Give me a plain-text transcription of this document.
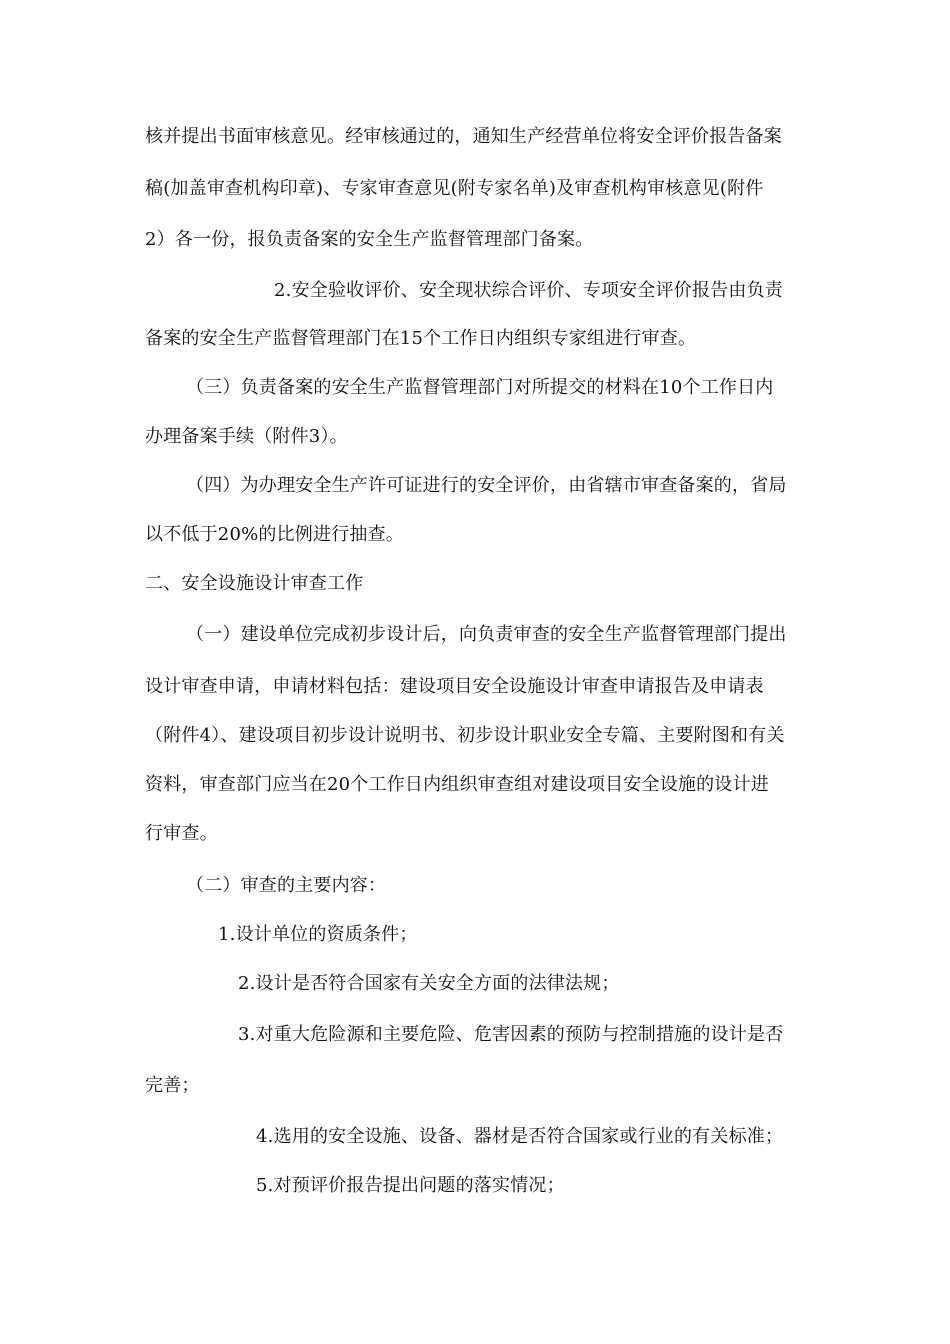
核并提出书面审核意见。经审核通过的，通知生产经营单位将安全评价报告备案
稿(加盖审查机构印章)、专家审查意见(附专家名单)及审查机构审核意见(附件
2）各一份，报负责备案的安全生产监督管理部门备案。
2.安全验收评价、安全现状综合评价、专项安全评价报告由负责
备案的安全生产监督管理部门在15个工作日内组织专家组进行审查。
（三）负责备案的安全生产监督管理部门对所提交的材料在10个工作日内
办理备案手续（附件3）。
（四）为办理安全生产许可证进行的安全评价，由省辖市审查备案的，省局
以不低于20%的比例进行抽查。
二、安全设施设计审查工作
（一）建设单位完成初步设计后，向负责审查的安全生产监督管理部门提出
设计审查申请，申请材料包括：建设项目安全设施设计审查申请报告及申请表
（附件4）、建设项目初步设计说明书、初步设计职业安全专篇、主要附图和有关
资料，审查部门应当在20个工作日内组织审查组对建设项目安全设施的设计进
行审查。
（二）审查的主要内容：
1.设计单位的资质条件；
2.设计是否符合国家有关安全方面的法律法规；
3.对重大危险源和主要危险、危害因素的预防与控制措施的设计是否
完善；
4.选用的安全设施、设备、器材是否符合国家或行业的有关标准；
5.对预评价报告提出问题的落实情况；
